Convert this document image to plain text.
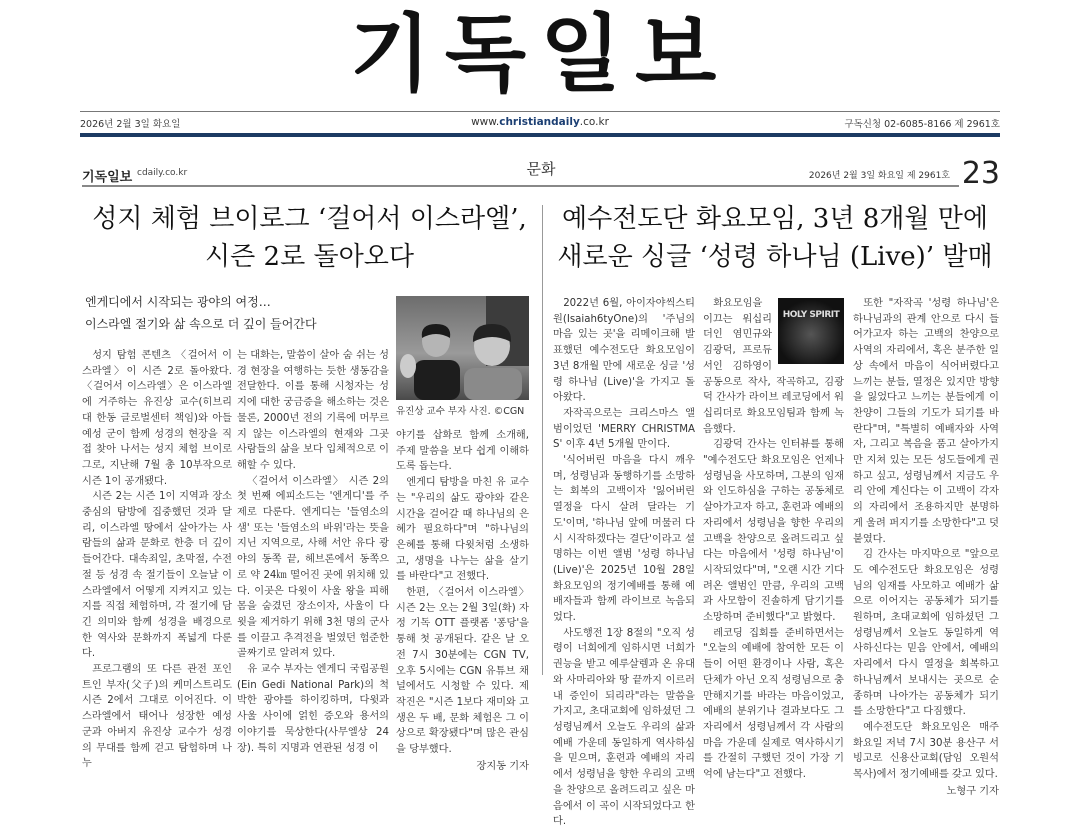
기독일보
2026년 2월 3일 화요일	www.christiandaily.co.kr	구독신청 02-6085-8166 제 2961호
기독일보 cdaily.co.kr	문화	2026년 2월 3일 화요일 제 2961호 23
성지 체험 브이로그 ‘걸어서 이스라엘’,
시즌 2로 돌아오다
엔게디에서 시작되는 광야의 여정…
이스라엘 절기와 삶 속으로 더 깊이 들어간다

성지 탐험 콘텐츠 〈걸어서 이스라엘〉이 시즌 2로 돌아왔다. 〈걸어서 이스라엘〉은 이스라엘에 거주하는 유진상 교수(히브리대 한동 글로벌센터 책임)와 아들 예성 군이 함께 성경의 현장을 직접 찾아 나서는 성지 체험 브이로그로, 지난해 7월 총 10부작으로 시즌 1이 공개됐다.

시즌 2는 시즌 1이 지역과 장소 중심의 탐방에 집중했던 것과 달리, 이스라엘 땅에서 살아가는 사람들의 삶과 문화로 한층 더 깊이 들어간다. 대속죄일, 초막절, 수전절 등 성경 속 절기들이 오늘날 이스라엘에서 어떻게 지켜지고 있는지를 직접 체험하며, 각 절기에 담긴 의미와 함께 성경을 배경으로 한 역사와 문화까지 폭넓게 다룬다.

프로그램의 또 다른 관전 포인트인 부자(父子)의 케미스트리도 시즌 2에서 그대로 이어진다. 이스라엘에서 태어나 성장한 예성 군과 아버지 유진상 교수가 성경의 무대를 함께 걷고 탐험하며 나누

는 대화는, 말씀이 살아 숨 쉬는 성경 현장을 여행하는 듯한 생동감을 전달한다. 이를 통해 시청자는 성지에 대한 궁금증을 해소하는 것은 물론, 2000년 전의 기록에 머무르지 않는 이스라엘의 현재와 그곳 사람들의 삶을 보다 입체적으로 이해할 수 있다.

〈걸어서 이스라엘〉 시즌 2의 첫 번째 에피소드는 '엔게디'를 주제로 다룬다. 엔게디는 '들염소의 샘' 또는 '들염소의 바위'라는 뜻을 지닌 지역으로, 사해 서안 유다 광야의 동쪽 끝, 헤브론에서 동쪽으로 약 24㎞ 떨어진 곳에 위치해 있다. 이곳은 다윗이 사울 왕을 피해 몸을 숨겼던 장소이자, 사울이 다윗을 제거하기 위해 3천 명의 군사를 이끌고 추격전을 벌였던 험준한 골짜기로 알려져 있다.

유 교수 부자는 엔게디 국립공원(Ein Gedi National Park)의 척박한 광야를 하이킹하며, 다윗과 사울 사이에 얽힌 증오와 용서의 이야기를 묵상한다(사무엘상 24장). 특히 지명과 연관된 성경 이

유진상 교수 부자 사진. ©CGN

야기를 삽화로 함께 소개해, 주제 말씀을 보다 쉽게 이해하도록 돕는다.

엔게디 탐방을 마친 유 교수는 "우리의 삶도 광야와 같은 시간을 걸어갈 때 하나님의 은혜가 필요하다"며 "하나님의 은혜를 통해 다윗처럼 소생하고, 생명을 나누는 삶을 살기를 바란다"고 전했다.

한편, 〈걸어서 이스라엘〉 시즌 2는 오는 2월 3일(화) 자정 기독 OTT 플랫폼 '퐁당'을 통해 첫 공개된다. 같은 날 오전 7시 30분에는 CGN TV, 오후 5시에는 CGN 유튜브 채널에서도 시청할 수 있다. 제작진은 "시즌 1보다 재미와 고생은 두 배, 문화 체험은 그 이상으로 확장됐다"며 많은 관심을 당부했다.

장지동 기자
예수전도단 화요모임, 3년 8개월 만에
새로운 싱글 ‘성령 하나님 (Live)’ 발매

2022년 6월, 아이자야씩스티원(Isaiah6tyOne)의 '주님의 마음 있는 곳'을 리메이크해 발표했던 예수전도단 화요모임이 3년 8개월 만에 새로운 싱글 '성령 하나님 (Live)'을 가지고 돌아왔다.

자작곡으로는 크리스마스 앨범이었던 'MERRY CHRISTMAS' 이후 4년 5개월 만이다.

'식어버린 마음을 다시 깨우며, 성령님과 동행하기를 소망하는 회복의 고백이자 '잃어버린 열정을 다시 살려 달라는 기도'이며, '하나님 앞에 머물러 다시 시작하겠다는 결단'이라고 설명하는 이번 앨범 '성령 하나님 (Live)'은 2025년 10월 28일 화요모임의 정기예배를 통해 예배자들과 함께 라이브로 녹음되었다.

사도행전 1장 8절의 "오직 성령이 너희에게 임하시면 너희가 권능을 받고 예루살렘과 온 유대와 사마리아와 땅 끝까지 이르러 내 증인이 되리라"라는 말씀을 가지고, 초대교회에 임하셨던 그 성령님께서 오늘도 우리의 삶과 예배 가운데 동일하게 역사하심을 믿으며, 훈련과 예배의 자리에서 성령님을 향한 우리의 고백을 찬양으로 올려드리고 싶은 마음에서 이 곡이 시작되었다고 한다.

HOLY SPIRIT

화요모임을 이끄는 워십리더인 염민규와 김광덕, 프로듀서인 김하영이 공동으로 작사, 작곡하고, 김광덕 간사가 라이브 레코딩에서 워십리더로 화요모임팀과 함께 녹음했다.

김광덕 간사는 인터뷰를 통해 "예수전도단 화요모임은 언제나 성령님을 사모하며, 그분의 임재와 인도하심을 구하는 공동체로 살아가고자 하고, 훈련과 예배의 자리에서 성령님을 향한 우리의 고백을 찬양으로 올려드리고 싶다는 마음에서 '성령 하나님'이 시작되었다"며, "오랜 시간 기다려온 앨범인 만큼, 우리의 고백과 사모함이 진솔하게 담기기를 소망하며 준비했다"고 밝혔다.

레코딩 집회를 준비하면서는 "오늘의 예배에 참여한 모든 이들이 어떤 환경이나 사람, 혹은 단체가 아닌 오직 성령님으로 충만해지기를 바라는 마음이었고, 예배의 분위기나 결과보다도 그 자리에서 성령님께서 각 사람의 마음 가운데 실제로 역사하시기를 간절히 구했던 것이 가장 기억에 남는다"고 전했다.

또한 "자작곡 '성령 하나님'은 하나님과의 관계 안으로 다시 들어가고자 하는 고백의 찬양으로 사역의 자리에서, 혹은 분주한 일상 속에서 마음이 식어버렸다고 느끼는 분들, 열정은 있지만 방향을 잃었다고 느끼는 분들에게 이 찬양이 그들의 기도가 되기를 바란다"며, "특별히 예배자와 사역자, 그리고 복음을 품고 살아가지만 지쳐 있는 모든 성도들에게 권하고 싶고, 성령님께서 지금도 우리 안에 계신다는 이 고백이 각자의 자리에서 조용하지만 분명하게 울려 퍼지기를 소망한다"고 덧붙였다.

김 간사는 마지막으로 "앞으로도 예수전도단 화요모임은 성령님의 임재를 사모하고 예배가 삶으로 이어지는 공동체가 되기를 원하며, 초대교회에 임하셨던 그 성령님께서 오늘도 동일하게 역사하신다는 믿음 안에서, 예배의 자리에서 다시 열정을 회복하고 하나님께서 보내시는 곳으로 순종하며 나아가는 공동체가 되기를 소망한다"고 다짐했다.

예수전도단 화요모임은 매주 화요일 저녁 7시 30분 용산구 서빙고로 신용산교회(담임 오원석 목사)에서 정기예배를 갖고 있다.

노형구 기자
